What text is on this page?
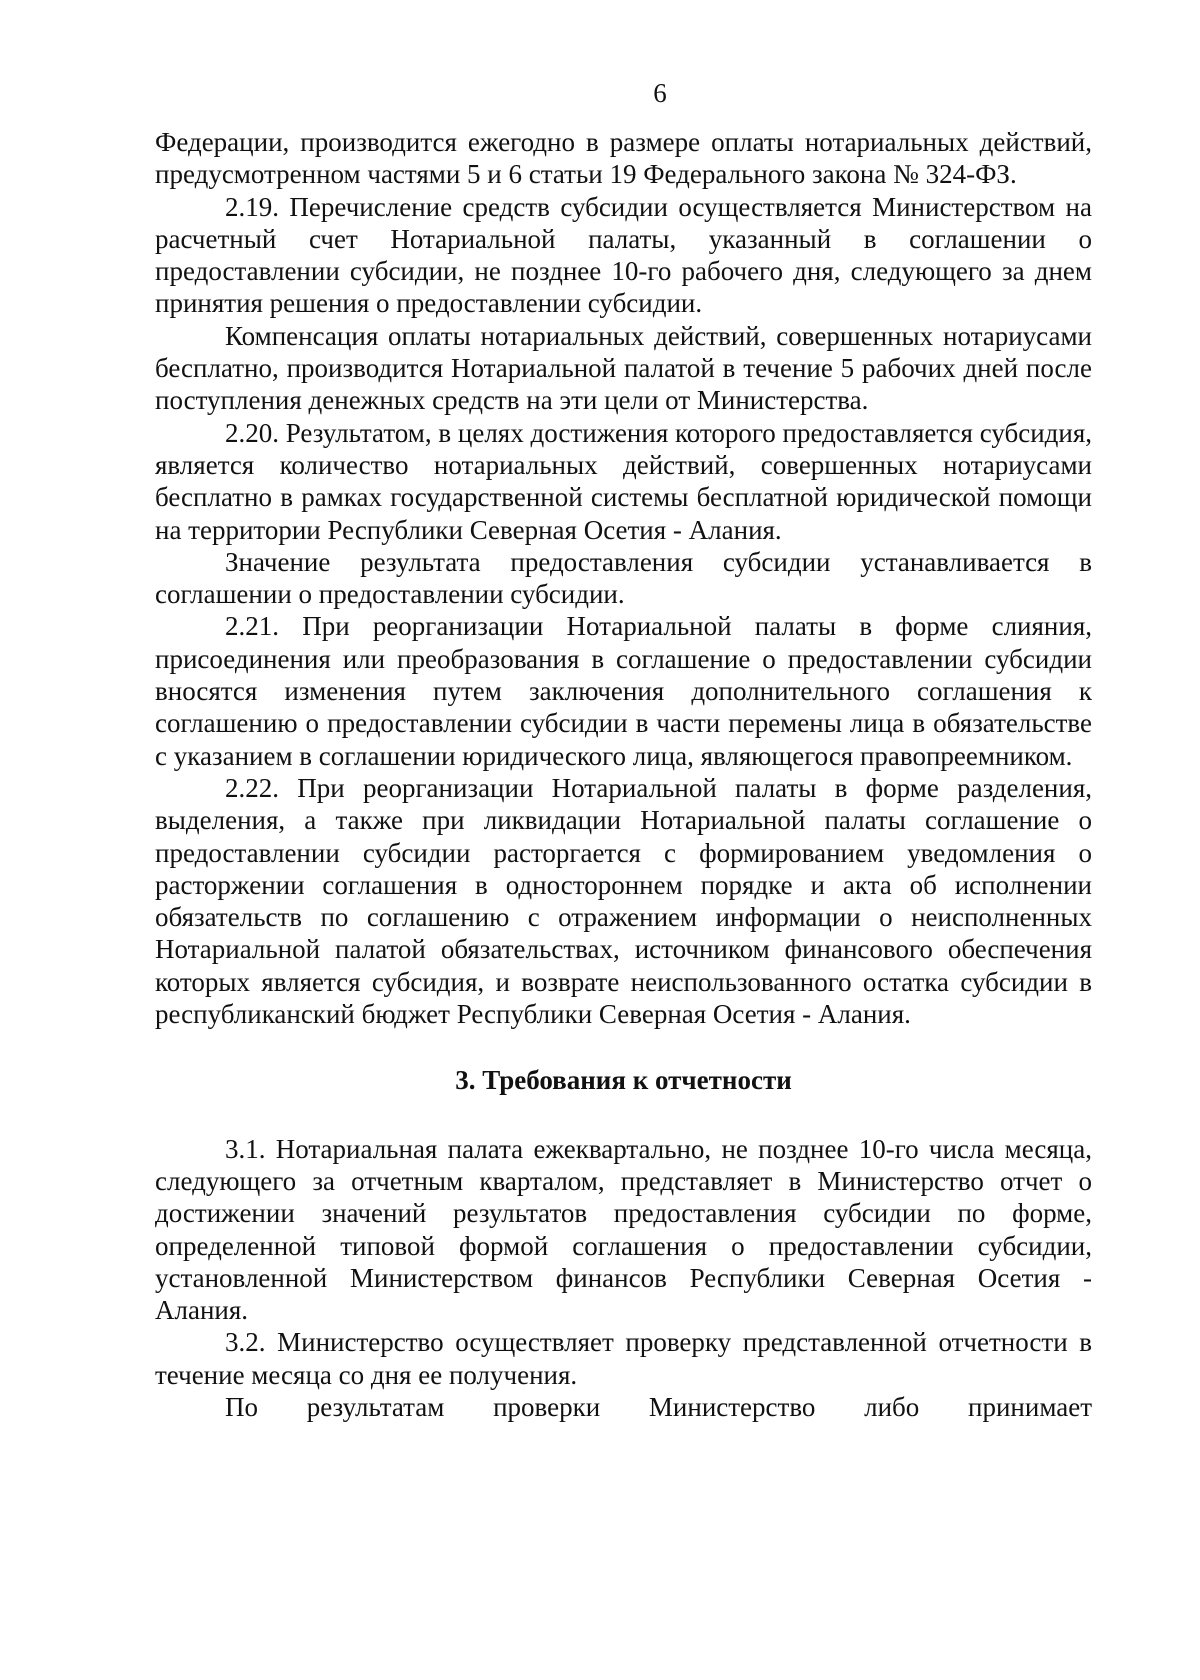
6

Федерации, производится ежегодно в размере оплаты нотариальных действий, предусмотренном частями 5 и 6 статьи 19 Федерального закона № 324-ФЗ.

2.19. Перечисление средств субсидии осуществляется Министерством на расчетный счет Нотариальной палаты, указанный в соглашении о предоставлении субсидии, не позднее 10-го рабочего дня, следующего за днем принятия решения о предоставлении субсидии.

Компенсация оплаты нотариальных действий, совершенных нотариусами бесплатно, производится Нотариальной палатой в течение 5 рабочих дней после поступления денежных средств на эти цели от Министерства.

2.20. Результатом, в целях достижения которого предоставляется субсидия, является количество нотариальных действий, совершенных нотариусами бесплатно в рамках государственной системы бесплатной юридической помощи на территории Республики Северная Осетия - Алания.

Значение результата предоставления субсидии устанавливается в соглашении о предоставлении субсидии.

2.21. При реорганизации Нотариальной палаты в форме слияния, присоединения или преобразования в соглашение о предоставлении субсидии вносятся изменения путем заключения дополнительного соглашения к соглашению о предоставлении субсидии в части перемены лица в обязательстве с указанием в соглашении юридического лица, являющегося правопреемником.

2.22. При реорганизации Нотариальной палаты в форме разделения, выделения, а также при ликвидации Нотариальной палаты соглашение о предоставлении субсидии расторгается с формированием уведомления о расторжении соглашения в одностороннем порядке и акта об исполнении обязательств по соглашению с отражением информации о неисполненных Нотариальной палатой обязательствах, источником финансового обеспечения которых является субсидия, и возврате неиспользованного остатка субсидии в республиканский бюджет Республики Северная Осетия - Алания.

3. Требования к отчетности

3.1. Нотариальная палата ежеквартально, не позднее 10-го числа месяца, следующего за отчетным кварталом, представляет в Министерство отчет о достижении значений результатов предоставления субсидии по форме, определенной типовой формой соглашения о предоставлении субсидии, установленной Министерством финансов Республики Северная Осетия - Алания.

3.2. Министерство осуществляет проверку представленной отчетности в течение месяца со дня ее получения.

По результатам проверки Министерство либо принимает
